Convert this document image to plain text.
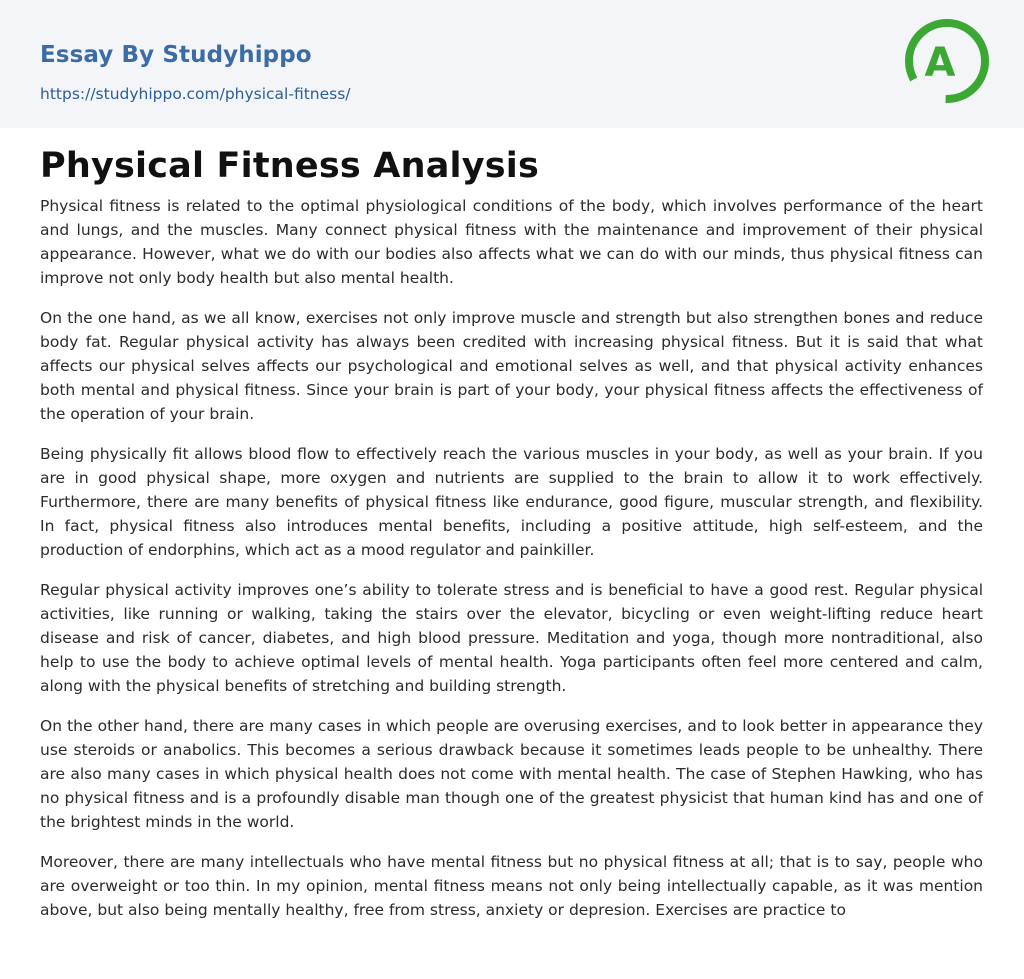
Essay By Studyhippo
https://studyhippo.com/physical-fitness/
A
Physical Fitness Analysis

Physical fitness is related to the optimal physiological conditions of the body, which involves performance of the heart and lungs, and the muscles. Many connect physical fitness with the maintenance and improvement of their physical appearance. However, what we do with our bodies also affects what we can do with our minds, thus physical fitness can improve not only body health but also mental health.

On the one hand, as we all know, exercises not only improve muscle and strength but also strengthen bones and reduce body fat. Regular physical activity has always been credited with increasing physical fitness. But it is said that what affects our physical selves affects our psychological and emotional selves as well, and that physical activity enhances both mental and physical fitness. Since your brain is part of your body, your physical fitness affects the effectiveness of the operation of your brain.

Being physically fit allows blood flow to effectively reach the various muscles in your body, as well as your brain. If you are in good physical shape, more oxygen and nutrients are supplied to the brain to allow it to work effectively. Furthermore, there are many benefits of physical fitness like endurance, good figure, muscular strength, and flexibility. In fact, physical fitness also introduces mental benefits, including a positive attitude, high self-esteem, and the production of endorphins, which act as a mood regulator and painkiller.

Regular physical activity improves one’s ability to tolerate stress and is beneficial to have a good rest. Regular physical activities, like running or walking, taking the stairs over the elevator, bicycling or even weight-lifting reduce heart disease and risk of cancer, diabetes, and high blood pressure. Meditation and yoga, though more nontraditional, also help to use the body to achieve optimal levels of mental health. Yoga participants often feel more centered and calm, along with the physical benefits of stretching and building strength.

On the other hand, there are many cases in which people are overusing exercises, and to look better in appearance they use steroids or anabolics. This becomes a serious drawback because it sometimes leads people to be unhealthy. There are also many cases in which physical health does not come with mental health. The case of Stephen Hawking, who has no physical fitness and is a profoundly disable man though one of the greatest physicist that human kind has and one of the brightest minds in the world.

Moreover, there are many intellectuals who have mental fitness but no physical fitness at all; that is to say, people who are overweight or too thin. In my opinion, mental fitness means not only being intellectually capable, as it was mention above, but also being mentally healthy, free from stress, anxiety or depresion. Exercises are practice to
